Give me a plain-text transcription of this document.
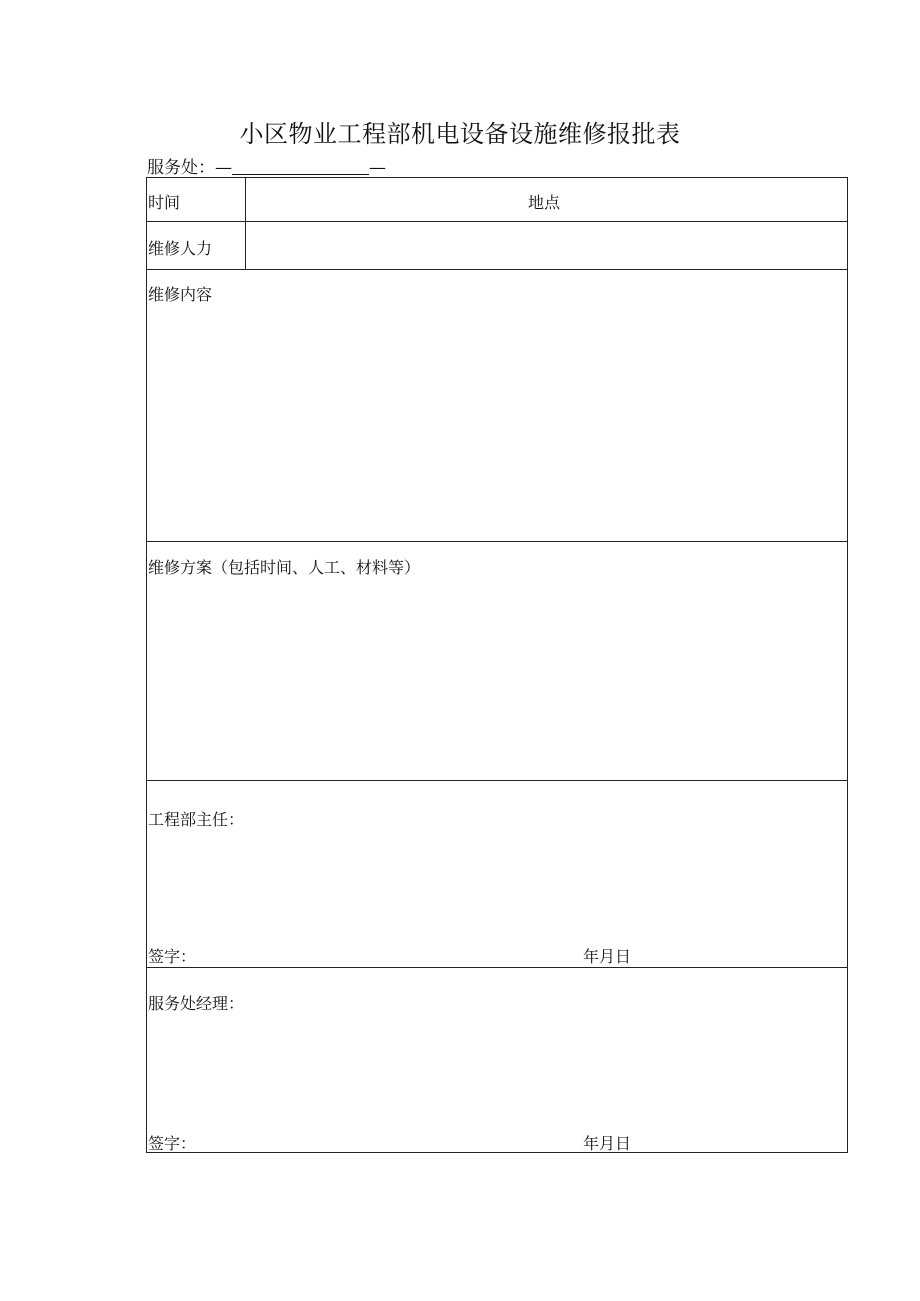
小区物业工程部机电设备设施维修报批表
服务处：—	—
时间	地点
维修人力
维修内容
维修方案（包括时间、人工、材料等）
工程部主任：
签字：	年月日
服务处经理：
签字：	年月日
